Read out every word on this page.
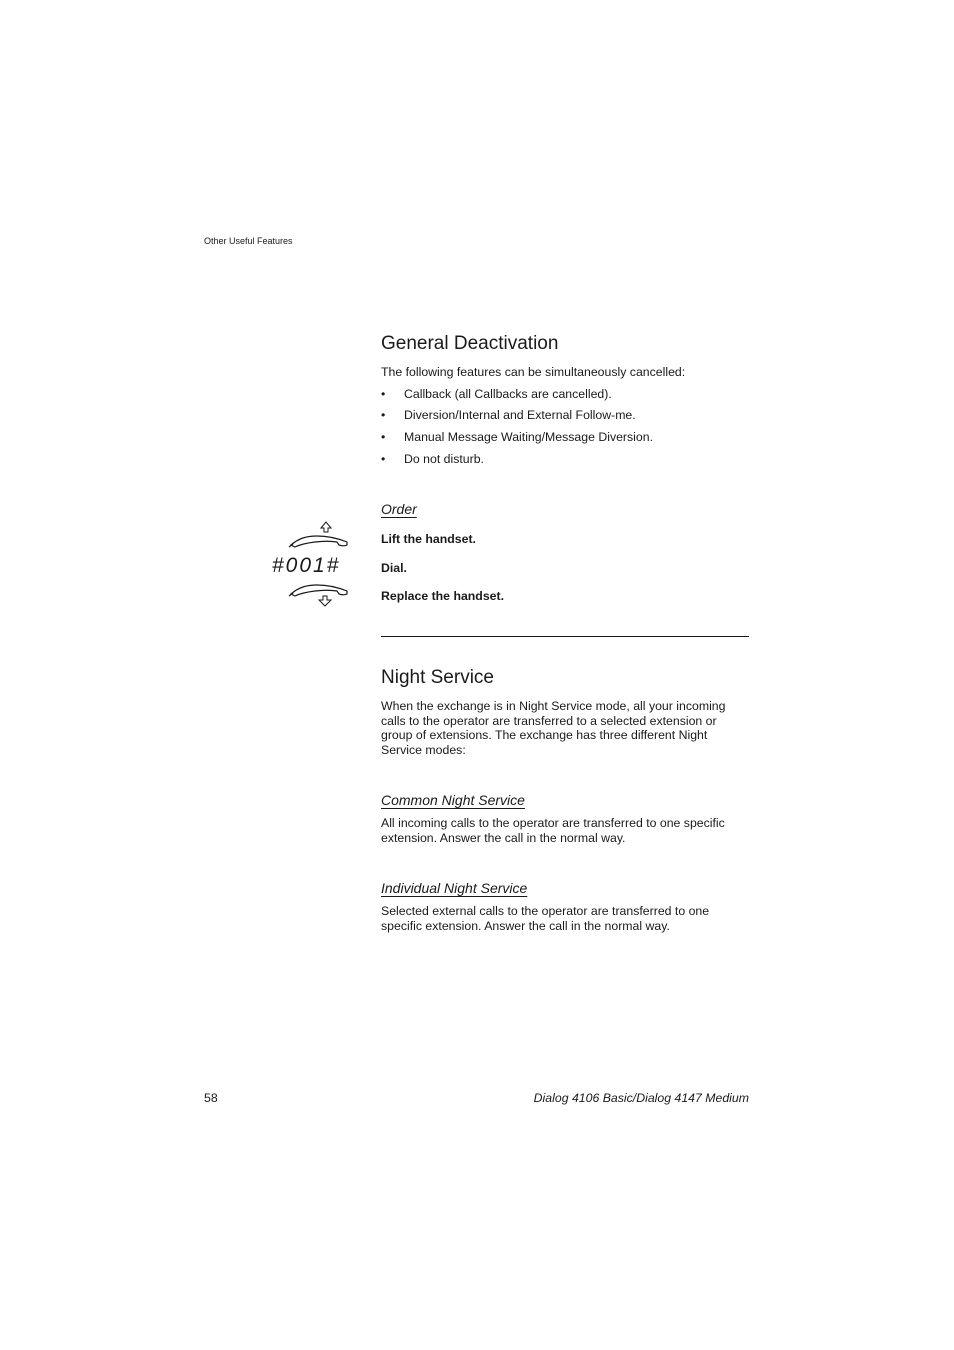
Other Useful Features
General Deactivation
The following features can be simultaneously cancelled:
• Callback (all Callbacks are cancelled).
• Diversion/Internal and External Follow-me.
• Manual Message Waiting/Message Diversion.
• Do not disturb.
Order
Lift the handset.
#001#	Dial.
Replace the handset.
Night Service
When the exchange is in Night Service mode, all your incoming
calls to the operator are transferred to a selected extension or
group of extensions. The exchange has three different Night
Service modes:
Common Night Service
All incoming calls to the operator are transferred to one specific
extension. Answer the call in the normal way.
Individual Night Service
Selected external calls to the operator are transferred to one
specific extension. Answer the call in the normal way.
58	Dialog 4106 Basic/Dialog 4147 Medium
